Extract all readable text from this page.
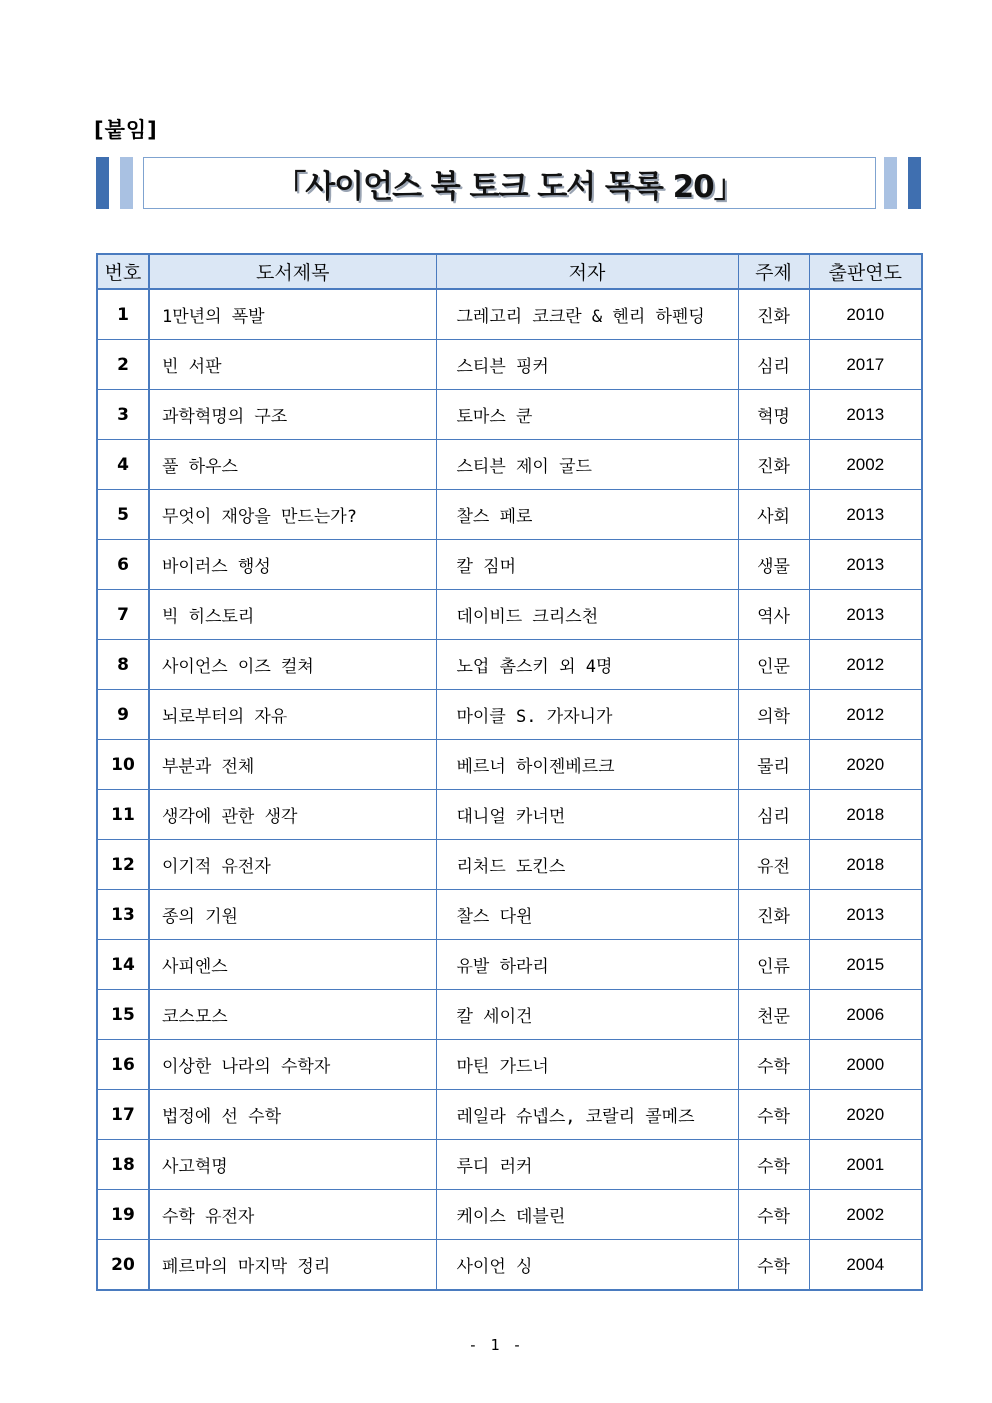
[붙임]
「사이언스 북 토크 도서 목록 20」
번호	도서제목	저자	주제	출판연도
1	1만년의 폭발	그레고리 코크란 & 헨리 하펜딩	진화	2010
2	빈 서판	스티븐 핑커	심리	2017
3	과학혁명의 구조	토마스 쿤	혁명	2013
4	풀 하우스	스티븐 제이 굴드	진화	2002
5	무엇이 재앙을 만드는가?	찰스 페로	사회	2013
6	바이러스 행성	칼 짐머	생물	2013
7	빅 히스토리	데이비드 크리스천	역사	2013
8	사이언스 이즈 컬쳐	노업 촘스키 외 4명	인문	2012
9	뇌로부터의 자유	마이클 S. 가자니가	의학	2012
10	부분과 전체	베르너 하이젠베르크	물리	2020
11	생각에 관한 생각	대니얼 카너먼	심리	2018
12	이기적 유전자	리처드 도킨스	유전	2018
13	종의 기원	찰스 다윈	진화	2013
14	사피엔스	유발 하라리	인류	2015
15	코스모스	칼 세이건	천문	2006
16	이상한 나라의 수학자	마틴 가드너	수학	2000
17	법정에 선 수학	레일라 슈넵스, 코랄리 콜메즈	수학	2020
18	사고혁명	루디 러커	수학	2001
19	수학 유전자	케이스 데블린	수학	2002
20	페르마의 마지막 정리	사이언 싱	수학	2004
- 1 -
